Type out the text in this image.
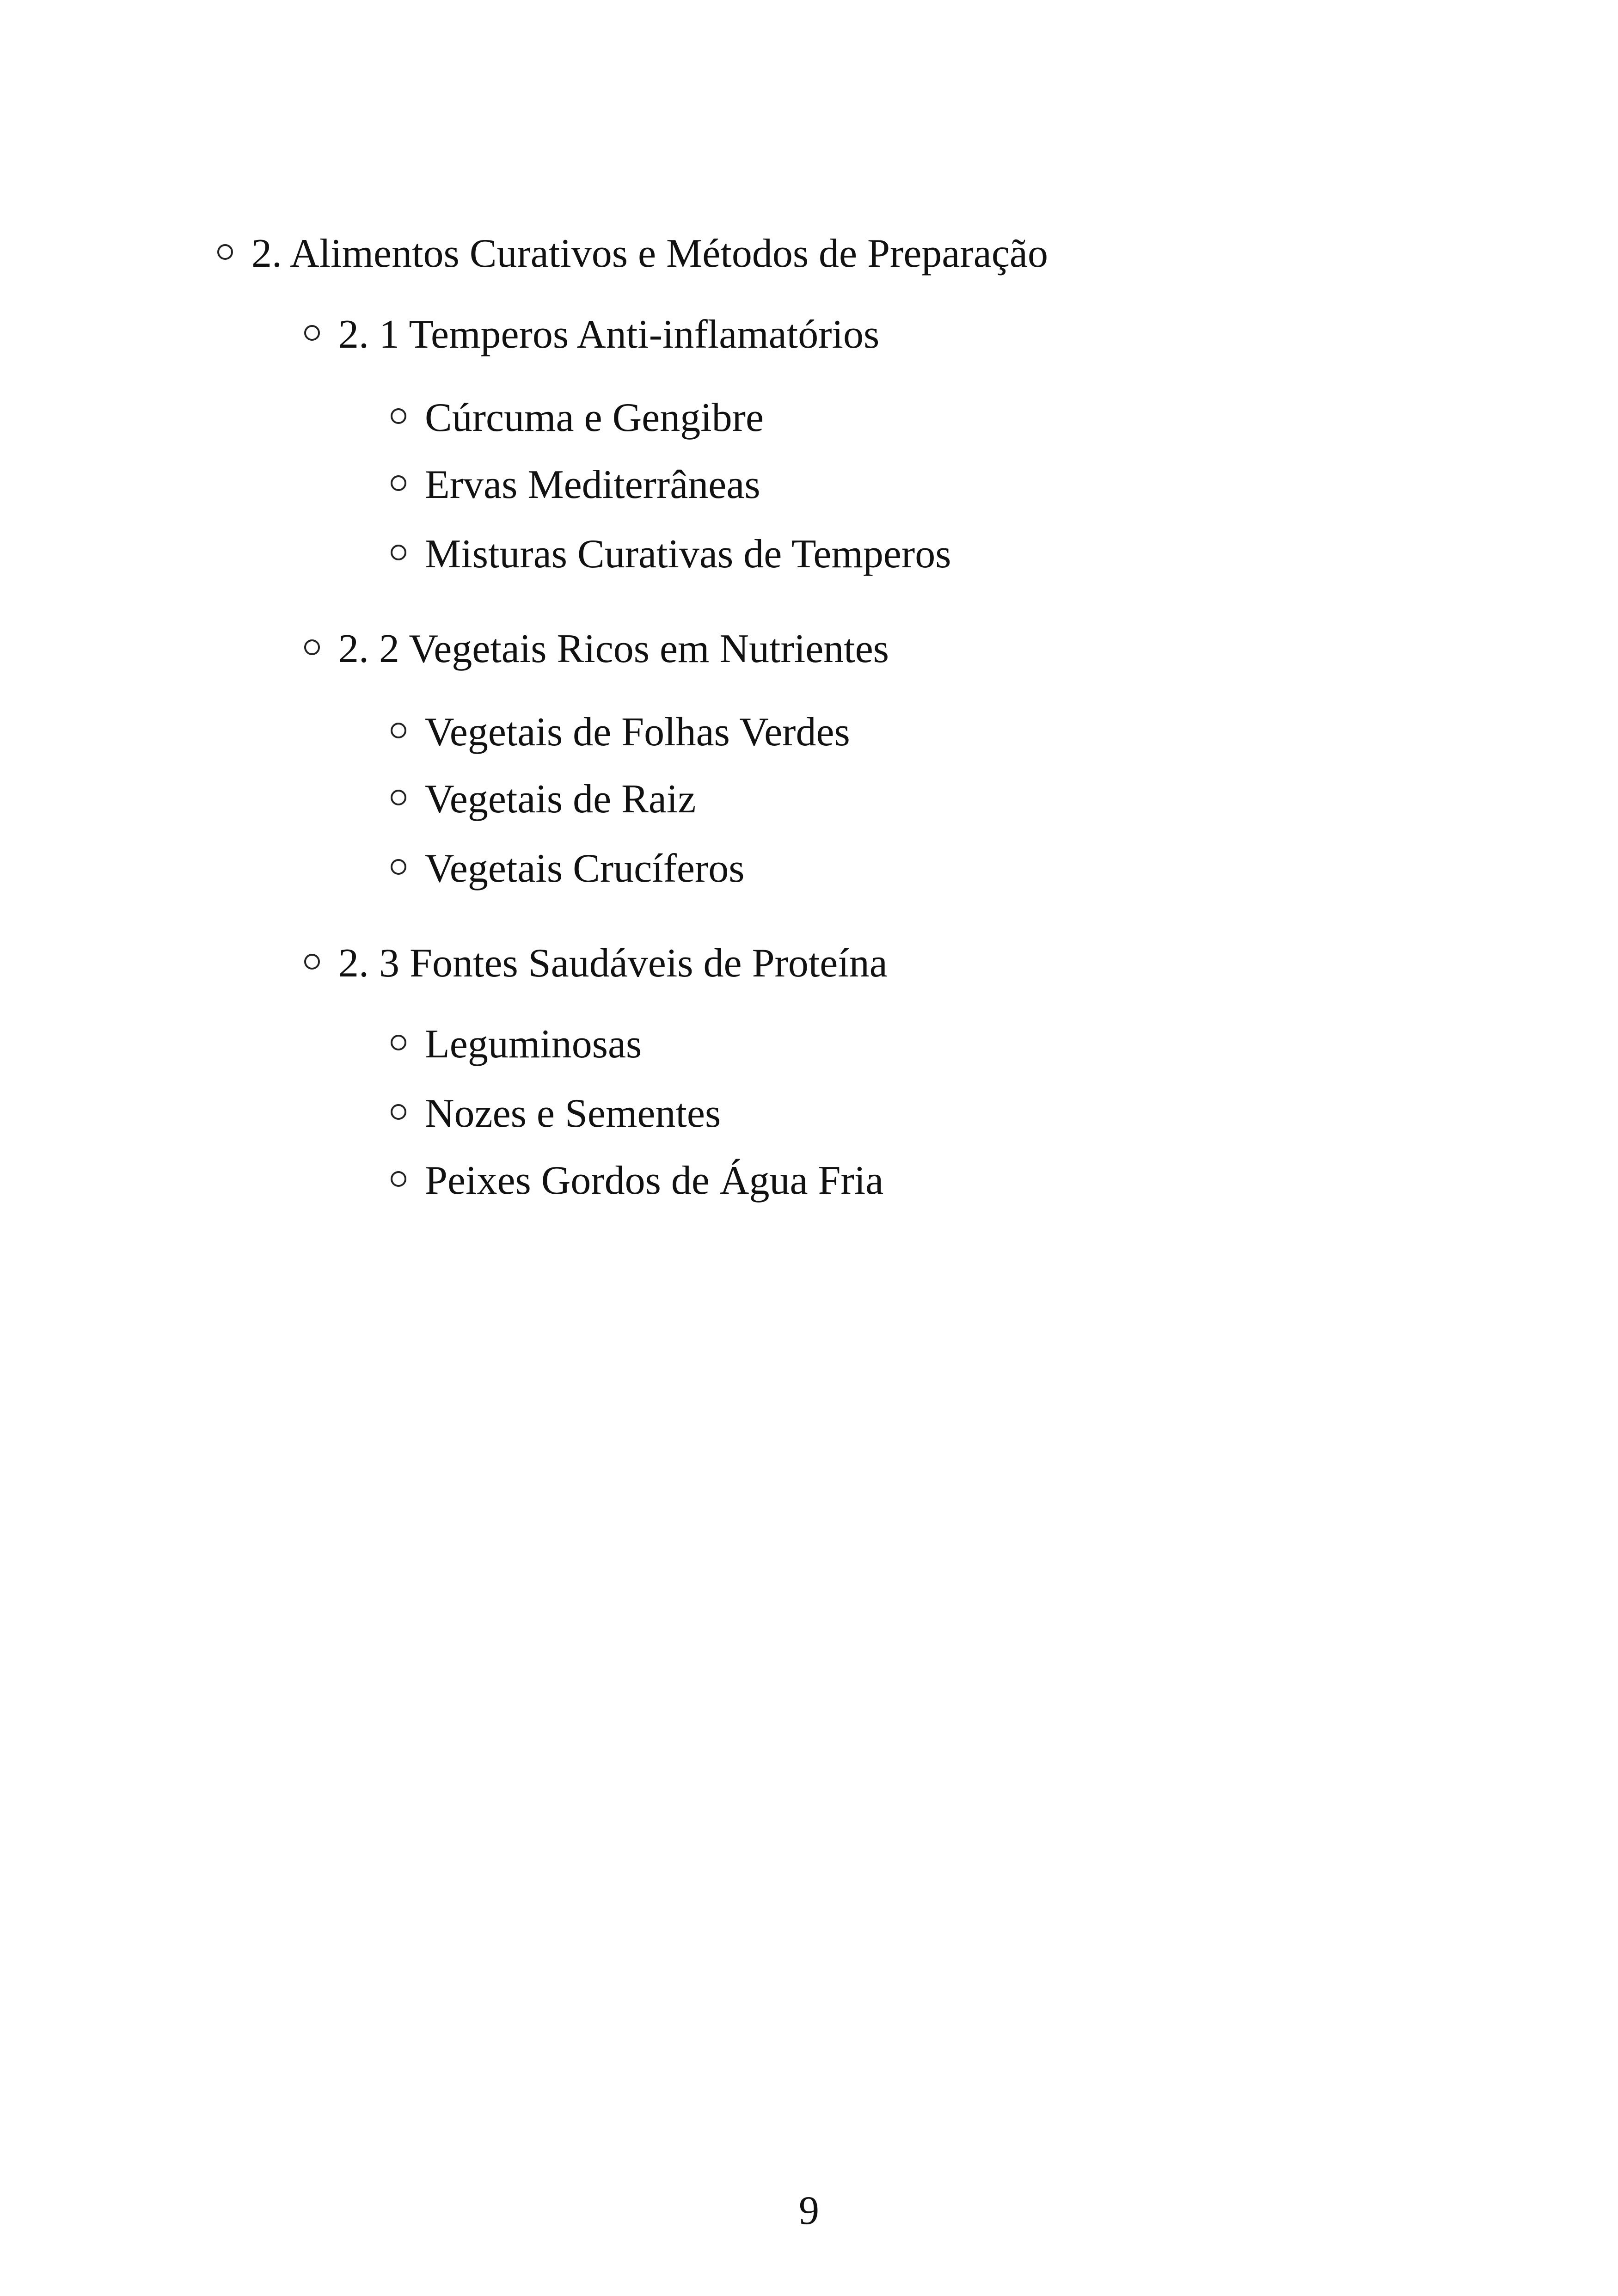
2. Alimentos Curativos e Métodos de Preparação
2. 1 Temperos Anti-inflamatórios
Cúrcuma e Gengibre
Ervas Mediterrâneas
Misturas Curativas de Temperos
2. 2 Vegetais Ricos em Nutrientes
Vegetais de Folhas Verdes
Vegetais de Raiz
Vegetais Crucíferos
2. 3 Fontes Saudáveis de Proteína
Leguminosas
Nozes e Sementes
Peixes Gordos de Água Fria
9
